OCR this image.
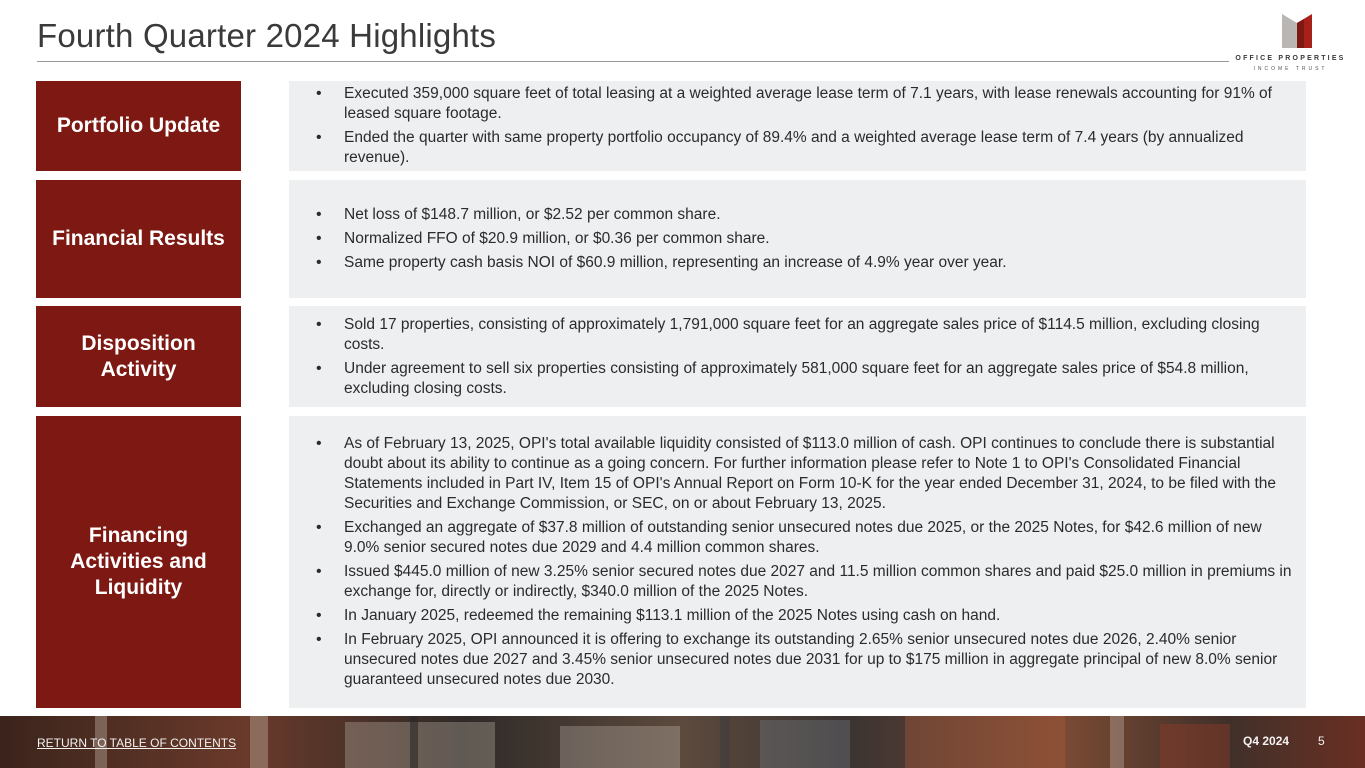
Fourth Quarter 2024 Highlights
OFFICE PROPERTIES
INCOME TRUST
Portfolio Update
• Executed 359,000 square feet of total leasing at a weighted average lease term of 7.1 years, with lease renewals accounting for 91% of leased square footage.
• Ended the quarter with same property portfolio occupancy of 89.4% and a weighted average lease term of 7.4 years (by annualized revenue).
Financial Results
• Net loss of $148.7 million, or $2.52 per common share.
• Normalized FFO of $20.9 million, or $0.36 per common share.
• Same property cash basis NOI of $60.9 million, representing an increase of 4.9% year over year.
Disposition Activity
• Sold 17 properties, consisting of approximately 1,791,000 square feet for an aggregate sales price of $114.5 million, excluding closing costs.
• Under agreement to sell six properties consisting of approximately 581,000 square feet for an aggregate sales price of $54.8 million, excluding closing costs.
Financing Activities and Liquidity
• As of February 13, 2025, OPI's total available liquidity consisted of $113.0 million of cash. OPI continues to conclude there is substantial doubt about its ability to continue as a going concern. For further information please refer to Note 1 to OPI's Consolidated Financial Statements included in Part IV, Item 15 of OPI's Annual Report on Form 10-K for the year ended December 31, 2024, to be filed with the Securities and Exchange Commission, or SEC, on or about February 13, 2025.
• Exchanged an aggregate of $37.8 million of outstanding senior unsecured notes due 2025, or the 2025 Notes, for $42.6 million of new 9.0% senior secured notes due 2029 and 4.4 million common shares.
• Issued $445.0 million of new 3.25% senior secured notes due 2027 and 11.5 million common shares and paid $25.0 million in premiums in exchange for, directly or indirectly, $340.0 million of the 2025 Notes.
• In January 2025, redeemed the remaining $113.1 million of the 2025 Notes using cash on hand.
• In February 2025, OPI announced it is offering to exchange its outstanding 2.65% senior unsecured notes due 2026, 2.40% senior unsecured notes due 2027 and 3.45% senior unsecured notes due 2031 for up to $175 million in aggregate principal of new 8.0% senior guaranteed unsecured notes due 2030.
RETURN TO TABLE OF CONTENTS	Q4 2024 5
